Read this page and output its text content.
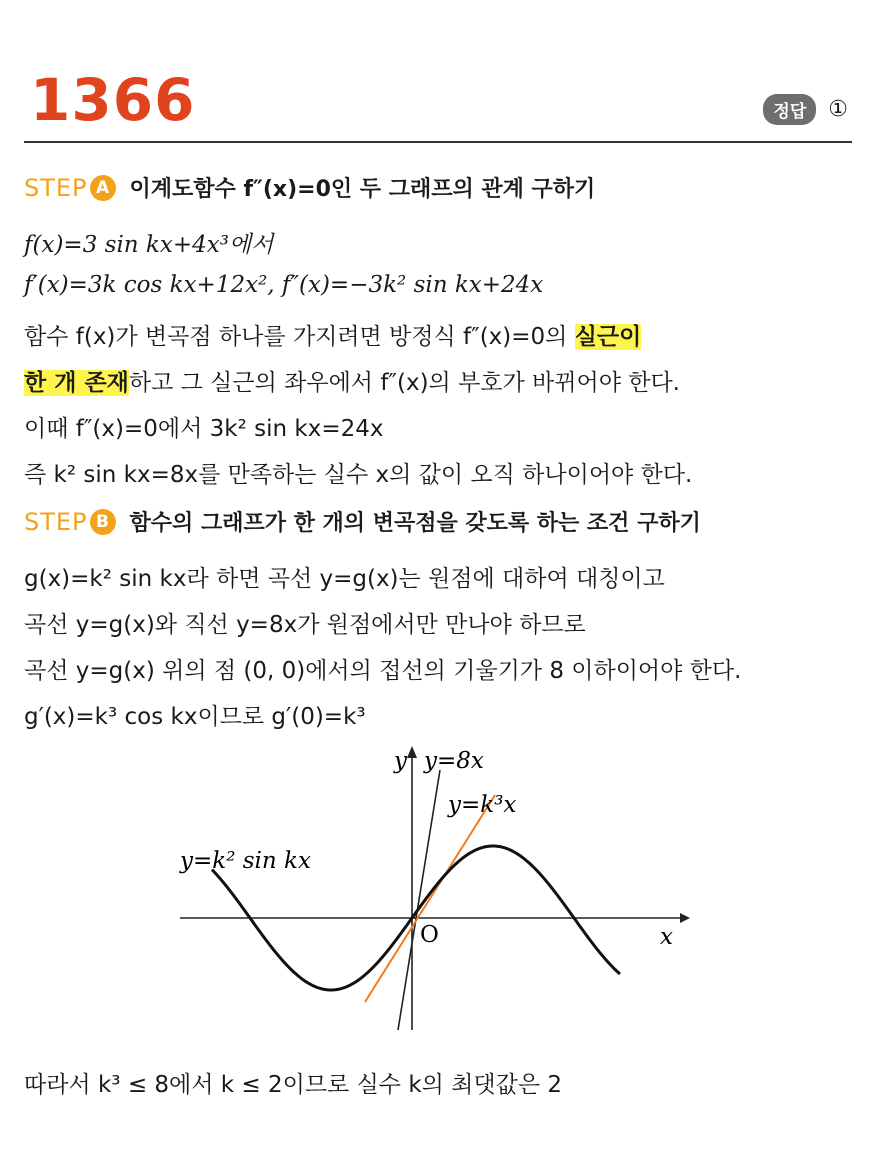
1366	정답	①
STEP A 이계도함수 f″(x)=0인 두 그래프의 관계 구하기
f(x)=3 sin kx+4x³에서
f′(x)=3k cos kx+12x², f″(x)=−3k² sin kx+24x
함수 f(x)가 변곡점 하나를 가지려면 방정식 f″(x)=0의 실근이
한 개 존재하고 그 실근의 좌우에서 f″(x)의 부호가 바뀌어야 한다.
이때 f″(x)=0에서 3k² sin kx=24x
즉 k² sin kx=8x를 만족하는 실수 x의 값이 오직 하나이어야 한다.
STEP B 함수의 그래프가 한 개의 변곡점을 갖도록 하는 조건 구하기
g(x)=k² sin kx라 하면 곡선 y=g(x)는 원점에 대하여 대칭이고
곡선 y=g(x)와 직선 y=8x가 원점에서만 만나야 하므로
곡선 y=g(x) 위의 점 (0, 0)에서의 접선의 기울기가 8 이하이어야 한다.
g′(x)=k³ cos kx이므로 g′(0)=k³
y y=8x
y=k³x
y=k² sin kx
O	x
따라서 k³ ≤ 8에서 k ≤ 2이므로 실수 k의 최댓값은 2
